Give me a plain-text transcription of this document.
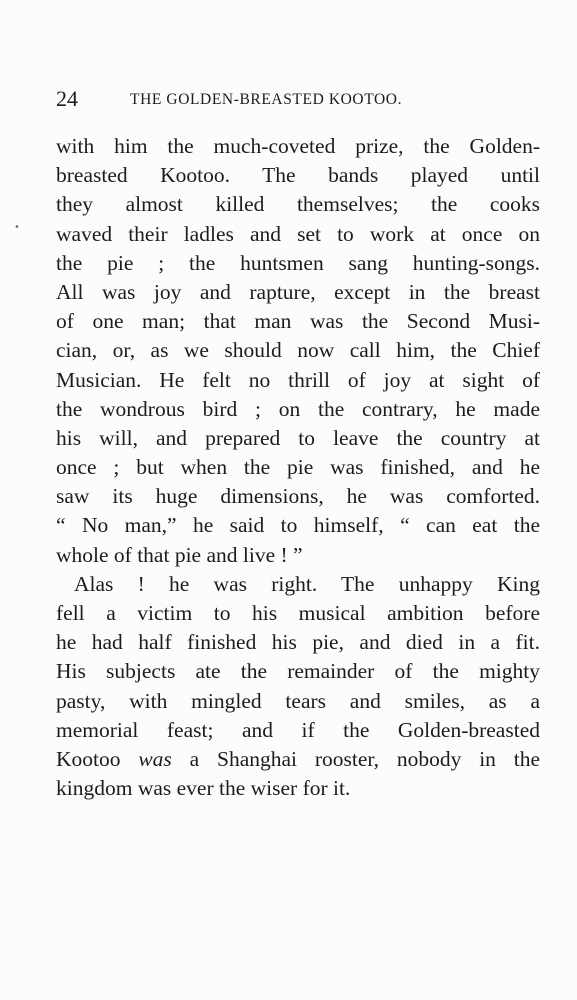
24	THE GOLDEN-BREASTED KOOTOO.
•
with him the much-coveted prize, the Golden-
breasted Kootoo. The bands played until
they almost killed themselves; the cooks
waved their ladles and set to work at once on
the pie ; the huntsmen sang hunting-songs.
All was joy and rapture, except in the breast
of one man; that man was the Second Musi-
cian, or, as we should now call him, the Chief
Musician. He felt no thrill of joy at sight of
the wondrous bird ; on the contrary, he made
his will, and prepared to leave the country at
once ; but when the pie was finished, and he
saw its huge dimensions, he was comforted.
“ No man,” he said to himself, “ can eat the
whole of that pie and live ! ”
Alas ! he was right. The unhappy King
fell a victim to his musical ambition before
he had half finished his pie, and died in a fit.
His subjects ate the remainder of the mighty
pasty, with mingled tears and smiles, as a
memorial feast; and if the Golden-breasted
Kootoo was a Shanghai rooster, nobody in the
kingdom was ever the wiser for it.
